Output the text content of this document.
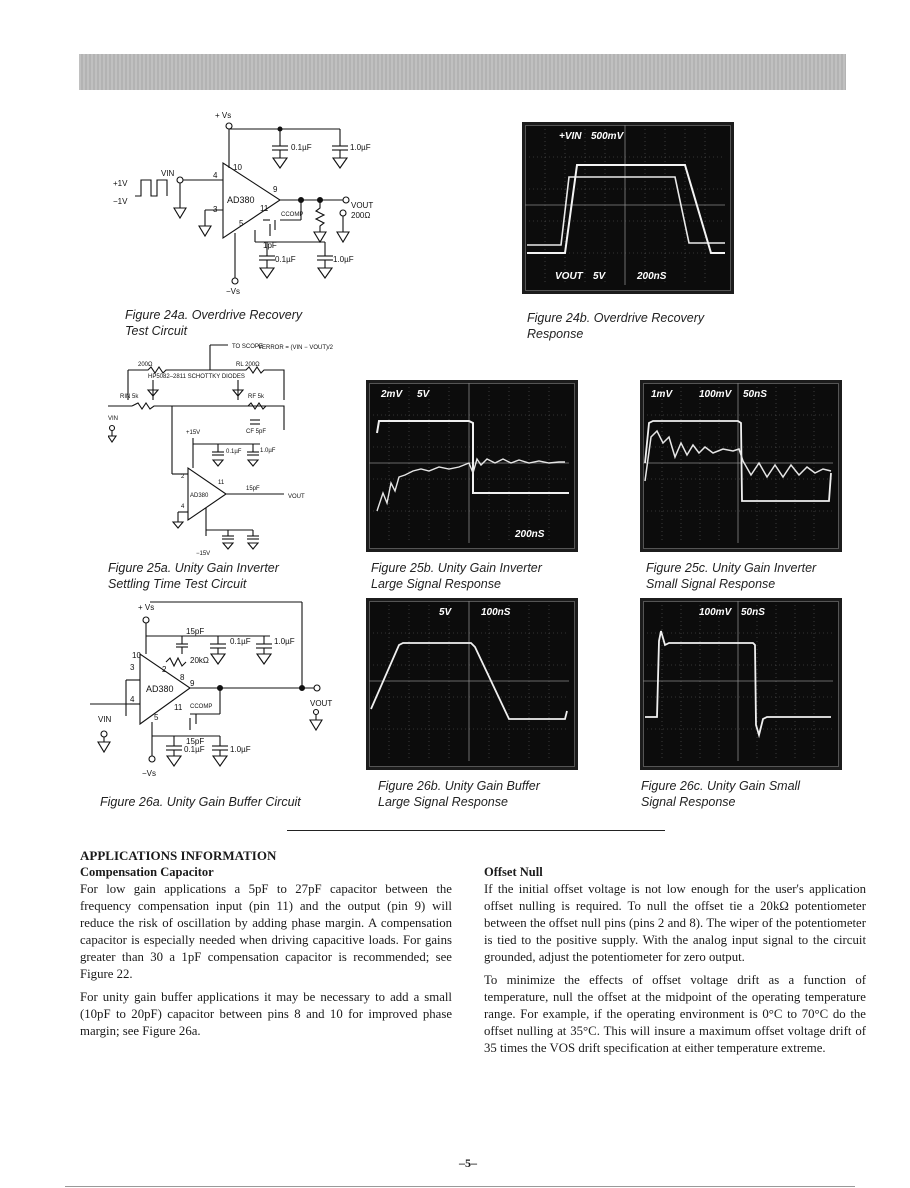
+ Vs
0.1µF	1.0µF
+1V
−1V
VIN
AD380
4
10
3
9
11
5
VOUT
200Ω
CCOMP
1pF
0.1µF	1.0µF
−Vs
Figure 24a. Overdrive Recovery
Test Circuit
+VIN 500mV
VOUT 5V	200nS
Figure 24b. Overdrive Recovery
Response
TO SCOPE
VERROR = (VIN − VOUT)/2
200Ω	RL 200Ω
HP5082–2811 SCHOTTKY DIODES
RIN 5k	RF 5k
VIN
CF 5pF
+15V
0.1µF	1.0µF
AD380
2
4
11
15pF
VOUT
−15V
Figure 25a. Unity Gain Inverter
Settling Time Test Circuit
2mV 5V
200nS
Figure 25b. Unity Gain Inverter
Large Signal Response
1mV	100mV 50nS
Figure 25c. Unity Gain Inverter
Small Signal Response
+ Vs
15pF
0.1µF	1.0µF
20kΩ
AD380
10
3	2
8
9
4
11
5
VOUT
VIN
CCOMP
15pF
0.1µF	1.0µF
−Vs
Figure 26a. Unity Gain Buffer Circuit
5V	100nS
Figure 26b. Unity Gain Buffer
Large Signal Response
100mV 50nS
Figure 26c. Unity Gain Small
Signal Response
APPLICATIONS INFORMATION
Compensation Capacitor

For low gain applications a 5pF to 27pF capacitor between the frequency compensation input (pin 11) and the output (pin 9) will reduce the risk of oscillation by adding phase margin. A compensation capacitor is especially needed when driving capacitive loads. For gains greater than 30 a 1pF compensation capacitor is recommended; see Figure 22.

For unity gain buffer applications it may be necessary to add a small (10pF to 20pF) capacitor between pins 8 and 10 for improved phase margin; see Figure 26a.

Offset Null

If the initial offset voltage is not low enough for the user's application offset nulling is required. To null the offset tie a 20kΩ potentiometer between the offset null pins (pins 2 and 8). The wiper of the potentiometer is tied to the positive supply. With the analog input signal to the circuit grounded, adjust the potentiometer for zero output.

To minimize the effects of offset voltage drift as a function of temperature, null the offset at the midpoint of the operating temperature range. For example, if the operating environment is 0°C to 70°C do the offset nulling at 35°C. This will insure a maximum offset voltage drift of 35 times the VOS drift specification at either temperature extreme.

–5–
